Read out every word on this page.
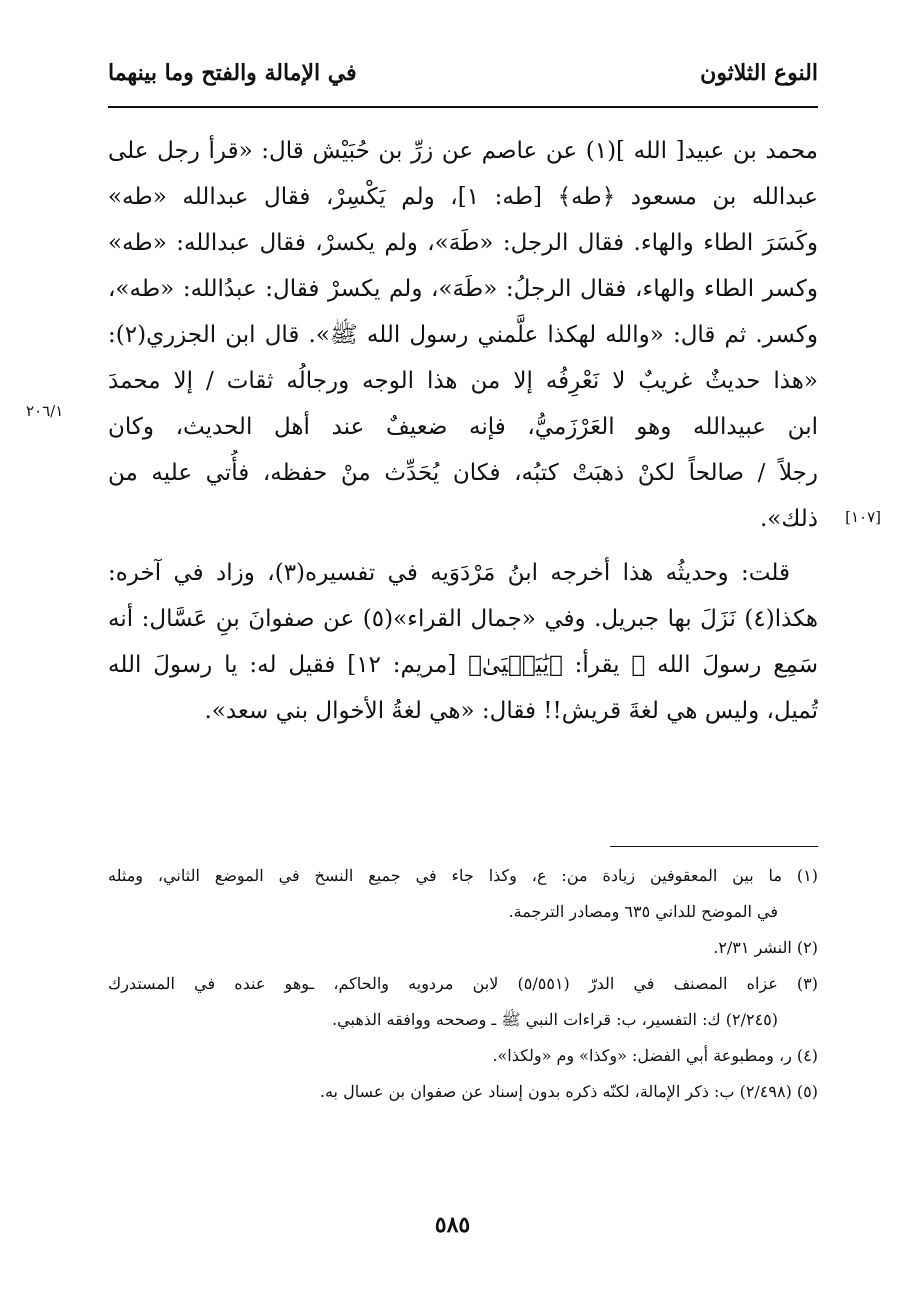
النوع الثلاثون
في الإمالة والفتح وما بينهما
محمد بن عبيد[ الله ](١) عن عاصم عن زرِّ بن حُبَيْش قال: «قرأ رجل على
عبدالله بن مسعود ﴿طه﴾ [طه: ١]، ولم يَكْسِرْ، فقال عبدالله «طه»
وكَسَرَ الطاء والهاء. فقال الرجل: «طَهَ»، ولم يكسرْ، فقال عبدالله: «طه»
وكسر الطاء والهاء، فقال الرجلُ: «طَهَ»، ولم يكسرْ فقال: عبدُالله: «طه»،
وكسر. ثم قال: «والله لهكذا علَّمني رسول الله ﷺ». قال ابن الجزري(٢):
«هذا حديثٌ غريبٌ لا نَعْرِفُه إلا من هذا الوجه ورجالُه ثقات / إلا محمدَ
ابن عبيدالله وهو العَرْزَميُّ، فإنه ضعيفٌ عند أهل الحديث، وكان
رجلاً / صالحاً لكنْ ذهبَتْ كتبُه، فكان يُحَدِّث منْ حفظه، فأُتي عليه من
ذلك».
قلت: وحديثُه هذا أخرجه ابنُ مَرْدَوَيه في تفسيره(٣)، وزاد في آخره:
هكذا(٤) نَزَلَ بها جبريل. وفي «جمال القراء»(٥) عن صفوانَ بنِ عَسَّال: أنه
سَمِع رسولَ الله ﷺ يقرأ: ﴿يَٰيَحۡيَىٰ﴾ [مريم: ١٢] فقيل له: يا رسولَ الله
تُميل، وليس هي لغةَ قريش!! فقال: «هي لغةُ الأخوال بني سعد».
٢٠٦/١
[١٠٧]
(١) ما بين المعقوفين زيادة من: ع، وكذا جاء في جميع النسخ في الموضع الثاني، ومثله
في الموضح للداني ٦٣٥ ومصادر الترجمة.
(٢) النشر ٢/٣١.
(٣) عزاه المصنف في الدرّ (٥/٥٥١) لابن مردويه والحاكم، ـوهو عنده في المستدرك
(٢/٢٤٥) ك: التفسير، ب: قراءات النبي ﷺ ـ وصححه ووافقه الذهبي.
(٤) ر، ومطبوعة أبي الفضل: «وكذا» وم «ولكذا».
(٥) (٢/٤٩٨) ب: ذكر الإمالة، لكنّه ذكره بدون إسناد عن صفوان بن عسال به.
٥٨٥
